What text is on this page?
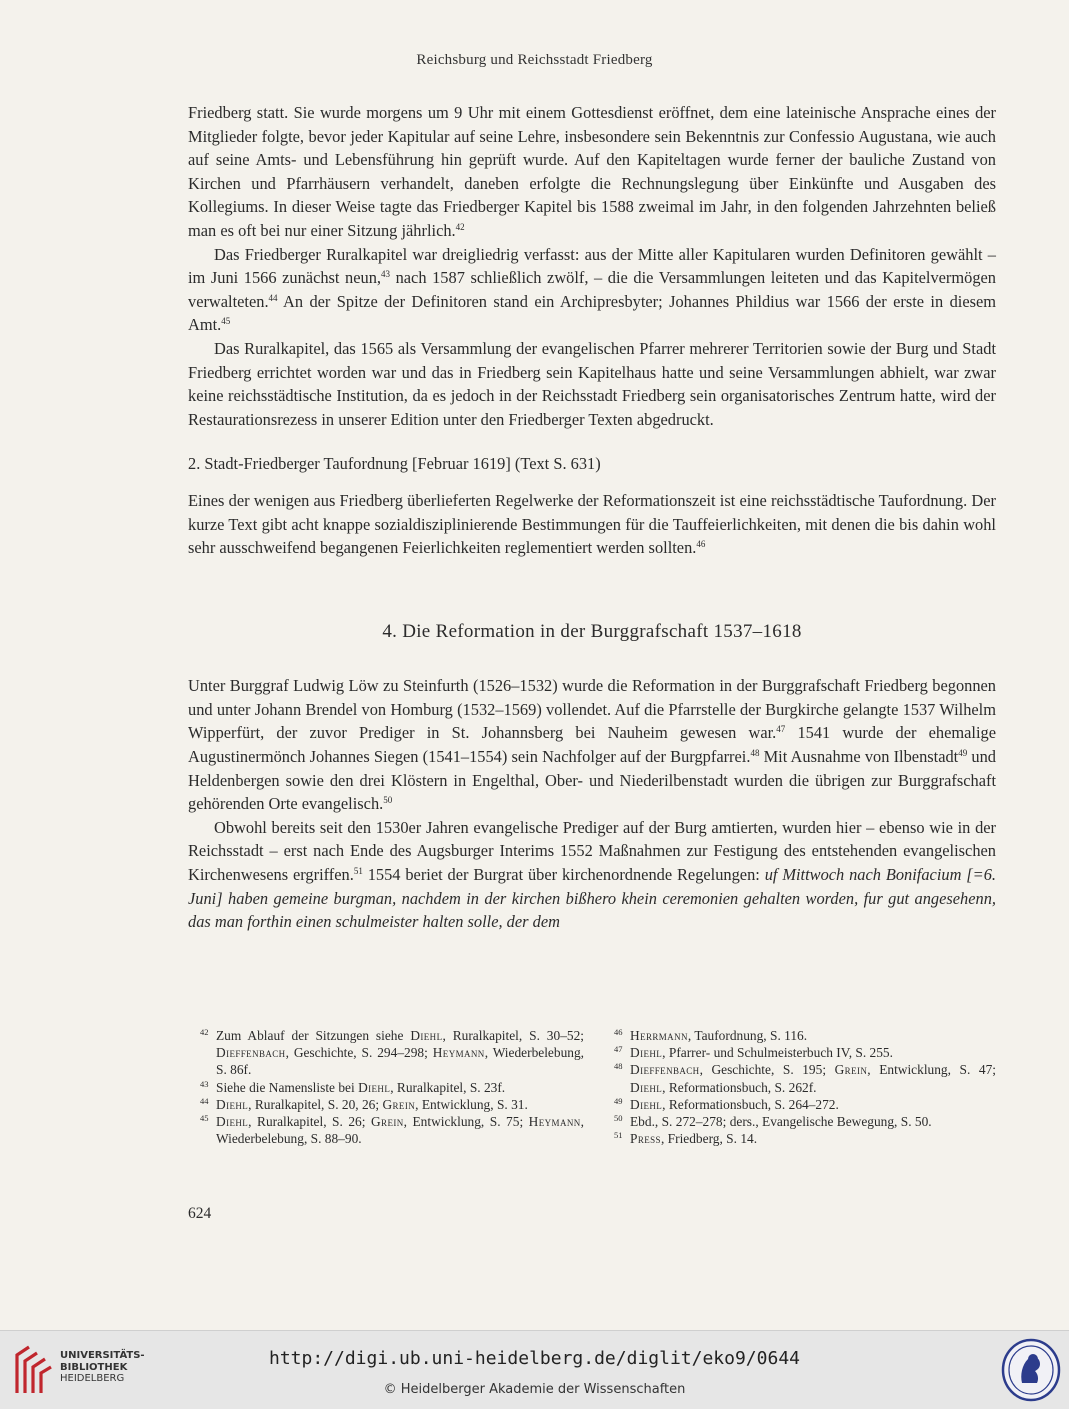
Reichsburg und Reichsstadt Friedberg

Friedberg statt. Sie wurde morgens um 9 Uhr mit einem Gottesdienst eröffnet, dem eine lateinische Ansprache eines der Mitglieder folgte, bevor jeder Kapitular auf seine Lehre, insbesondere sein Bekenntnis zur Confessio Augustana, wie auch auf seine Amts- und Lebensführung hin geprüft wurde. Auf den Kapiteltagen wurde ferner der bauliche Zustand von Kirchen und Pfarrhäusern verhandelt, daneben erfolgte die Rechnungslegung über Einkünfte und Ausgaben des Kollegiums. In dieser Weise tagte das Friedberger Kapitel bis 1588 zweimal im Jahr, in den folgenden Jahrzehnten beließ man es oft bei nur einer Sitzung jährlich.$^{42}$

Das Friedberger Ruralkapitel war dreigliedrig verfasst: aus der Mitte aller Kapitularen wurden Definitoren gewählt – im Juni 1566 zunächst neun,$^{43}$ nach 1587 schließlich zwölf, – die die Versammlungen leiteten und das Kapitelvermögen verwalteten.$^{44}$ An der Spitze der Definitoren stand ein Archipresbyter; Johannes Phildius war 1566 der erste in diesem Amt.$^{45}$

Das Ruralkapitel, das 1565 als Versammlung der evangelischen Pfarrer mehrerer Territorien sowie der Burg und Stadt Friedberg errichtet worden war und das in Friedberg sein Kapitelhaus hatte und seine Versammlungen abhielt, war zwar keine reichsstädtische Institution, da es jedoch in der Reichsstadt Friedberg sein organisatorisches Zentrum hatte, wird der Restaurationsrezess in unserer Edition unter den Friedberger Texten abgedruckt.

2. Stadt-Friedberger Taufordnung [Februar 1619] (Text S. 631)

Eines der wenigen aus Friedberg überlieferten Regelwerke der Reformationszeit ist eine reichsstädtische Taufordnung. Der kurze Text gibt acht knappe sozialdisziplinierende Bestimmungen für die Tauffeierlichkeiten, mit denen die bis dahin wohl sehr ausschweifend begangenen Feierlichkeiten reglementiert werden sollten.$^{46}$

4. Die Reformation in der Burggrafschaft 1537–1618

Unter Burggraf Ludwig Löw zu Steinfurth (1526–1532) wurde die Reformation in der Burggrafschaft Friedberg begonnen und unter Johann Brendel von Homburg (1532–1569) vollendet. Auf die Pfarrstelle der Burgkirche gelangte 1537 Wilhelm Wipperfürt, der zuvor Prediger in St. Johannsberg bei Nauheim gewesen war.$^{47}$ 1541 wurde der ehemalige Augustinermönch Johannes Siegen (1541–1554) sein Nachfolger auf der Burgpfarrei.$^{48}$ Mit Ausnahme von Ilbenstadt$^{49}$ und Heldenbergen sowie den drei Klöstern in Engelthal, Ober- und Niederilbenstadt wurden die übrigen zur Burggrafschaft gehörenden Orte evangelisch.$^{50}$

Obwohl bereits seit den 1530er Jahren evangelische Prediger auf der Burg amtierten, wurden hier – ebenso wie in der Reichsstadt – erst nach Ende des Augsburger Interims 1552 Maßnahmen zur Festigung des entstehenden evangelischen Kirchenwesens ergriffen.$^{51}$ 1554 beriet der Burgrat über kirchenordnende Regelungen: uf Mittwoch nach Bonifacium [=6. Juni] haben gemeine burgman, nachdem in der kirchen bißhero khein ceremonien gehalten worden, fur gut angesehenn, das man forthin einen schulmeister halten solle, der dem

42 Zum Ablauf der Sitzungen siehe Diehl, Ruralkapitel, S. 30–52; Dieffenbach, Geschichte, S. 294–298; Heymann, Wiederbelebung, S. 86f.
43 Siehe die Namensliste bei Diehl, Ruralkapitel, S. 23f.
44 Diehl, Ruralkapitel, S. 20, 26; Grein, Entwicklung, S. 31.
45 Diehl, Ruralkapitel, S. 26; Grein, Entwicklung, S. 75; Heymann, Wiederbelebung, S. 88–90.
46 Herrmann, Taufordnung, S. 116.
47 Diehl, Pfarrer- und Schulmeisterbuch IV, S. 255.
48 Dieffenbach, Geschichte, S. 195; Grein, Entwicklung, S. 47; Diehl, Reformationsbuch, S. 262f.
49 Diehl, Reformationsbuch, S. 264–272.
50 Ebd., S. 272–278; ders., Evangelische Bewegung, S. 50.
51 Press, Friedberg, S. 14.
624
UNIVERSITÄTS-
BIBLIOTHEK
HEIDELBERG
http://digi.ub.uni-heidelberg.de/diglit/eko9/0644
© Heidelberger Akademie der Wissenschaften
